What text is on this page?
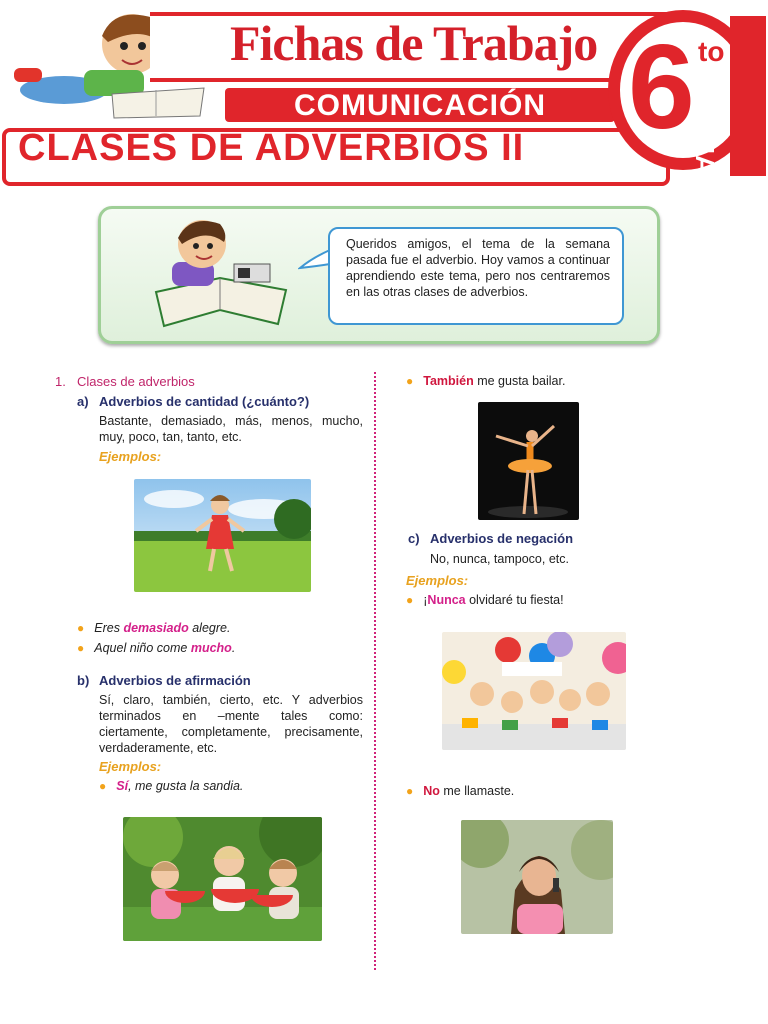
Fichas de Trabajo
COMUNICACIÓN
CLASES DE ADVERBIOS II 6 to
PRIMARIA
Queridos amigos, el tema de la semana pasada fue el adverbio. Hoy vamos a continuar aprendiendo este tema, pero nos centraremos en las otras clases de adverbios.
1. Clases de adverbios
a) Adverbios de cantidad (¿cuánto?)
Bastante, demasiado, más, menos, mucho, muy, poco, tan, tanto, etc.
Ejemplos:
● Eres demasiado alegre.
● Aquel niño come mucho.
b) Adverbios de afirmación
Sí, claro, también, cierto, etc. Y adverbios terminados en –mente tales como: ciertamente, completamente, precisamente, verdaderamente, etc.
Ejemplos:
● Sí, me gusta la sandia.
● También me gusta bailar.
c) Adverbios de negación
No, nunca, tampoco, etc.
Ejemplos:
● ¡Nunca olvidaré tu fiesta!
● No me llamaste.
